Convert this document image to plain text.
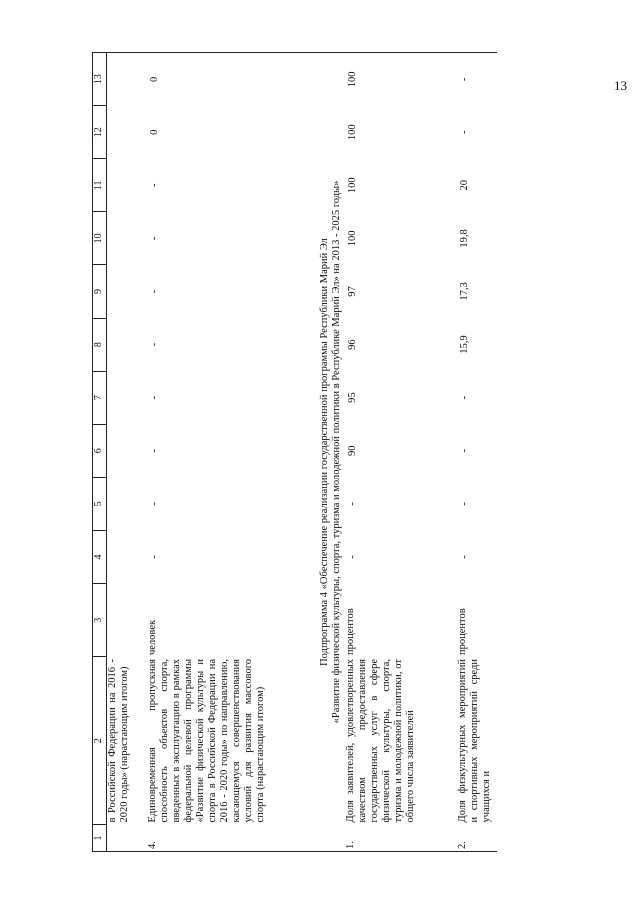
13
1	2	3	4	5	6	7	8	9	10	11	12	13
	в Российской Федерации на 2016 - 2020 годы» (нарастающим итогом)											
4.	Единовременная пропускная способность объектов спорта, введенных в эксплуатацию в рамках федеральной целевой программы «Развитие физической культуры и спорта в Российской Федерации на 2016 - 2020 годы» по направлению, касающемуся совершенствования условий для развития массового спорта (нарастающим итогом)	человек	-	-	-	-	-	-	-	-	0	0

Подпрограмма 4 «Обеспечение реализации государственной программы Республики Марий Эл «Развитие физической культуры, спорта, туризма и молодежной политики в Республике Марий Эл» на 2013 - 2025 годы»												

1.	Доля заявителей, удовлетворенных качеством предоставления государственных услуг в сфере физической культуры, спорта, туризма и молодежной политики, от общего числа заявителей	процентов	-	-	90	95	96	97	100	100	100	100
2.	Доля физкультурных мероприятий и спортивных мероприятий среди учащихся и	процентов	-	-	-	-	15,9	17,3	19,8	20	-	-
